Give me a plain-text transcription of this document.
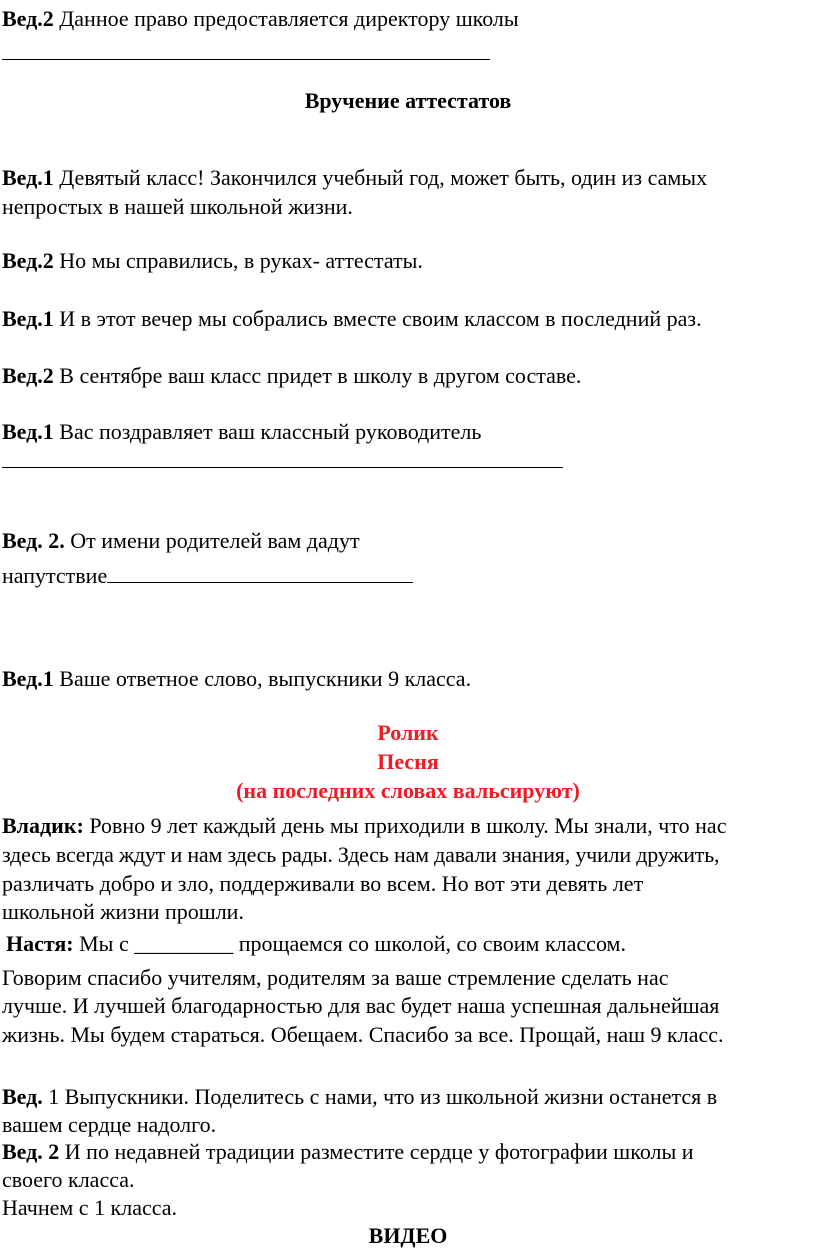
Вед.2 Данное право предоставляется директору школы

Вручение аттестатов

Вед.1 Девятый класс! Закончился учебный год, может быть, один из самых

непростых в нашей школьной жизни.

Вед.2 Но мы справились, в руках- аттестаты.

Вед.1 И в этот вечер мы собрались вместе своим классом в последний раз.

Вед.2 В сентябре ваш класс придет в школу в другом составе.

Вед.1 Вас поздравляет ваш классный руководитель

Вед. 2. От имени родителей вам дадут

напутствие

Вед.1 Ваше ответное слово, выпускники 9 класса.

Ролик

Песня

(на последних словах вальсируют)

Владик: Ровно 9 лет каждый день мы приходили в школу. Мы знали, что нас

здесь всегда ждут и нам здесь рады. Здесь нам давали знания, учили дружить,

различать добро и зло, поддерживали во всем. Но вот эти девять лет

школьной жизни прошли.

Настя: Мы с _________ прощаемся со школой, со своим классом.

Говорим спасибо учителям, родителям за ваше стремление сделать нас

лучше. И лучшей благодарностью для вас будет наша успешная дальнейшая

жизнь. Мы будем стараться. Обещаем. Спасибо за все. Прощай, наш 9 класс.

Вед. 1 Выпускники. Поделитесь с нами, что из школьной жизни останется в

вашем сердце надолго.

Вед. 2 И по недавней традиции разместите сердце у фотографии школы и

своего класса.

Начнем с 1 класса.

ВИДЕО
